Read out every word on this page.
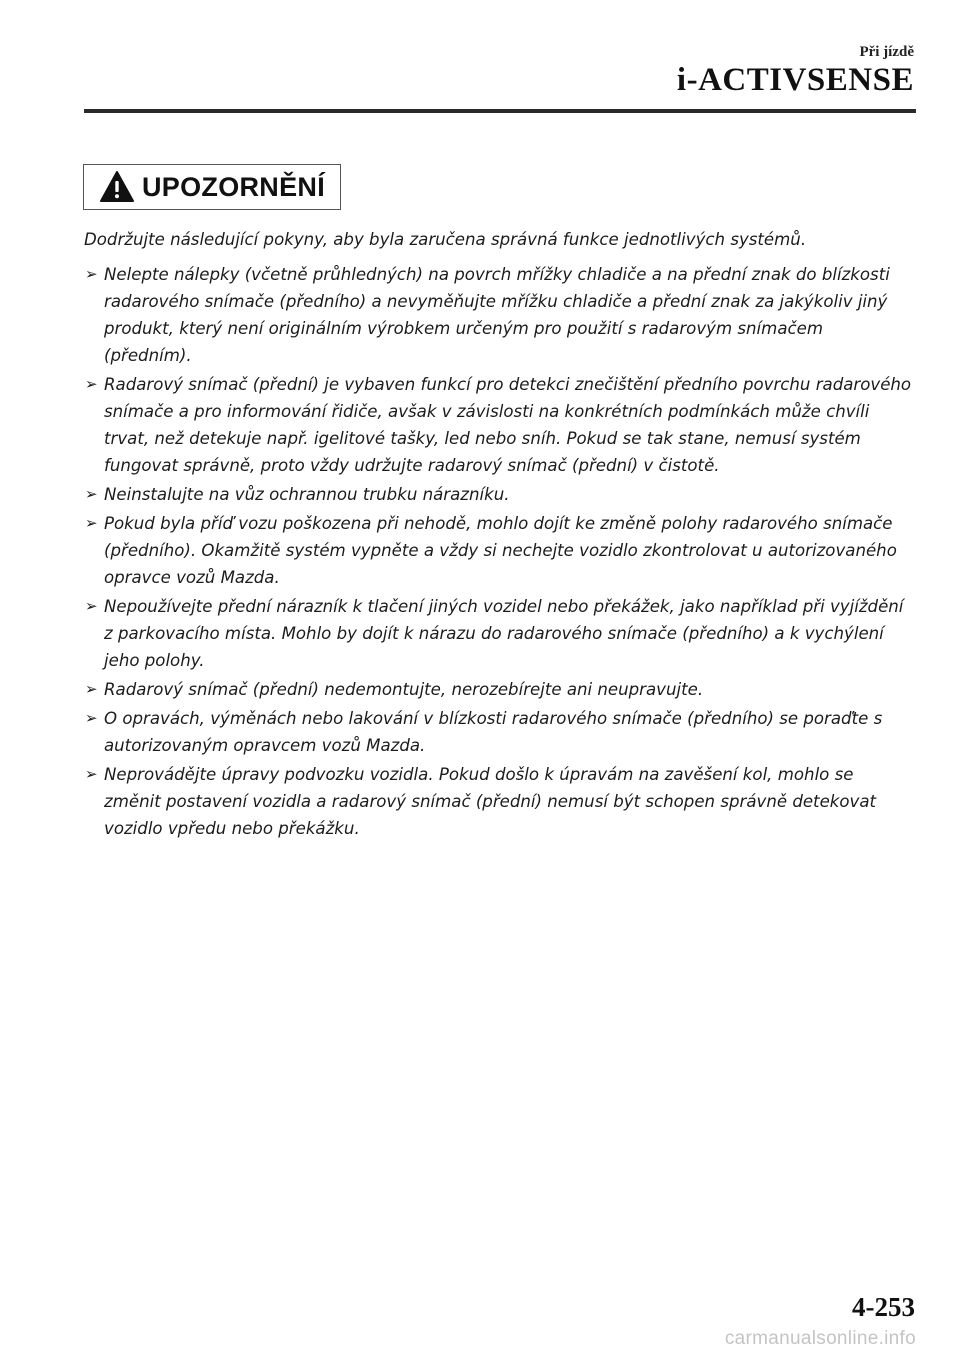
Při jízdě
i-ACTIVSENSE
UPOZORNĚNÍ

Dodržujte následující pokyny, aby byla zaručena správná funkce jednotlivých systémů.

➢ Nelepte nálepky (včetně průhledných) na povrch mřížky chladiče a na přední znak do blízkosti radarového snímače (předního) a nevyměňujte mřížku chladiče a přední znak za jakýkoliv jiný produkt, který není originálním výrobkem určeným pro použití s radarovým snímačem (předním).
➢ Radarový snímač (přední) je vybaven funkcí pro detekci znečištění předního povrchu radarového snímače a pro informování řidiče, avšak v závislosti na konkrétních podmínkách může chvíli trvat, než detekuje např. igelitové tašky, led nebo sníh. Pokud se tak stane, nemusí systém fungovat správně, proto vždy udržujte radarový snímač (přední) v čistotě.
➢ Neinstalujte na vůz ochrannou trubku nárazníku.
➢ Pokud byla příď vozu poškozena při nehodě, mohlo dojít ke změně polohy radarového snímače (předního). Okamžitě systém vypněte a vždy si nechejte vozidlo zkontrolovat u autorizovaného opravce vozů Mazda.
➢ Nepoužívejte přední nárazník k tlačení jiných vozidel nebo překážek, jako například při vyjíždění z parkovacího místa. Mohlo by dojít k nárazu do radarového snímače (předního) a k vychýlení jeho polohy.
➢ Radarový snímač (přední) nedemontujte, nerozebírejte ani neupravujte.
➢ O opravách, výměnách nebo lakování v blízkosti radarového snímače (předního) se poraďte s autorizovaným opravcem vozů Mazda.
➢ Neprovádějte úpravy podvozku vozidla. Pokud došlo k úpravám na zavěšení kol, mohlo se změnit postavení vozidla a radarový snímač (přední) nemusí být schopen správně detekovat vozidlo vpředu nebo překážku.
4-253
carmanualsonline.info
